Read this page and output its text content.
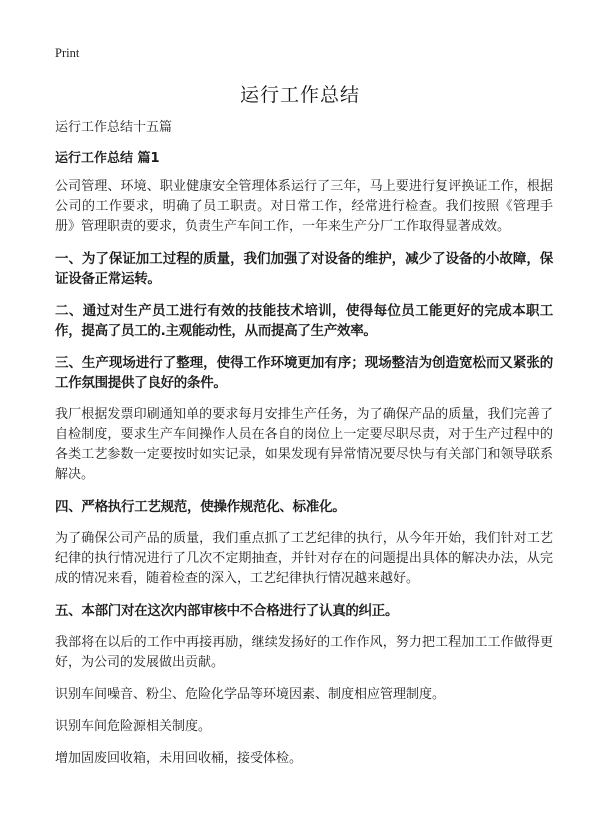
Print
运行工作总结

运行工作总结十五篇

运行工作总结 篇1

公司管理、环境、职业健康安全管理体系运行了三年，马上要进行复评换证工作，根据公司的工作要求，明确了员工职责。对日常工作，经常进行检查。我们按照《管理手册》管理职责的要求，负责生产车间工作，一年来生产分厂工作取得显著成效。

一、为了保证加工过程的质量，我们加强了对设备的维护，减少了设备的小故障，保证设备正常运转。

二、通过对生产员工进行有效的技能技术培训，使得每位员工能更好的完成本职工作，提高了员工的.主观能动性，从而提高了生产效率。

三、生产现场进行了整理，使得工作环境更加有序；现场整洁为创造宽松而又紧张的工作氛围提供了良好的条件。

我厂根据发票印刷通知单的要求每月安排生产任务，为了确保产品的质量，我们完善了自检制度，要求生产车间操作人员在各自的岗位上一定要尽职尽责，对于生产过程中的各类工艺参数一定要按时如实记录，如果发现有异常情况要尽快与有关部门和领导联系解决。

四、严格执行工艺规范，使操作规范化、标准化。

为了确保公司产品的质量，我们重点抓了工艺纪律的执行，从今年开始，我们针对工艺纪律的执行情况进行了几次不定期抽查，并针对存在的问题提出具体的解决办法，从完成的情况来看，随着检查的深入，工艺纪律执行情况越来越好。

五、本部门对在这次内部审核中不合格进行了认真的纠正。

我部将在以后的工作中再接再励，继续发扬好的工作作风，努力把工程加工工作做得更好，为公司的发展做出贡献。

识别车间噪音、粉尘、危险化学品等环境因素、制度相应管理制度。

识别车间危险源相关制度。

增加固废回收箱，未用回收桶，接受体检。
